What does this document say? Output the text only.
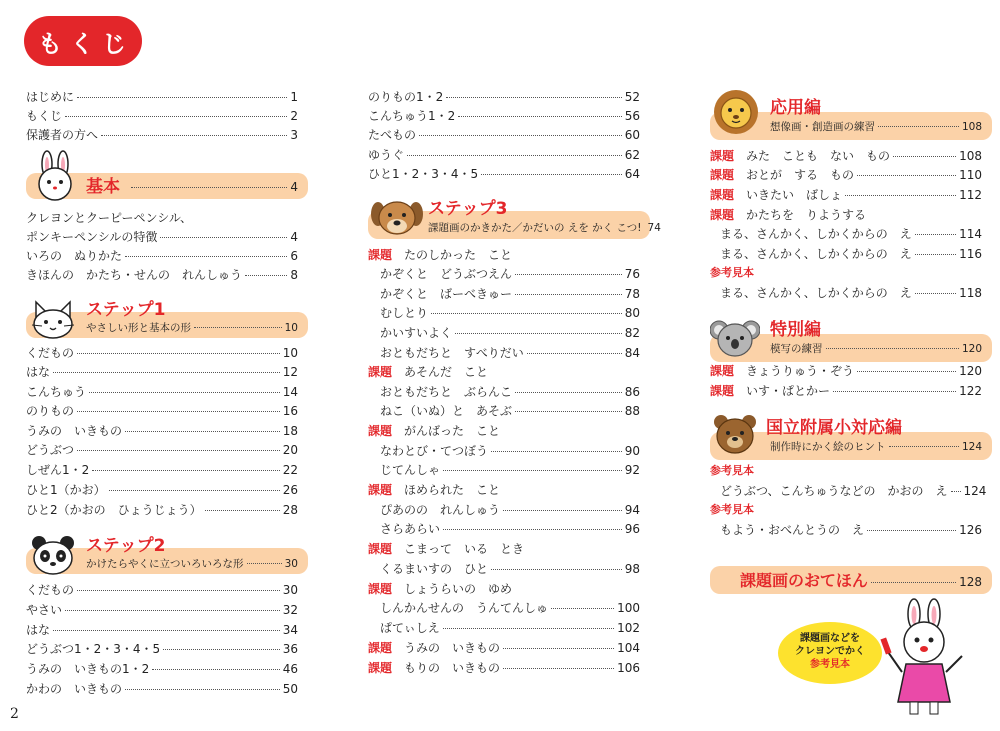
もくじ
はじめに	1
もくじ	2
保護者の方へ	3
基本	4
クレヨンとクーピーペンシル、
ポンキーペンシルの特徴	4
いろの　ぬりかた	6
きほんの　かたち・せんの　れんしゅう	8
ステップ1
やさしい形と基本の形	10
くだもの	10
はな	12
こんちゅう	14
のりもの	16
うみの　いきもの	18
どうぶつ	20
しぜん1・2	22
ひと1（かお）	26
ひと2（かおの　ひょうじょう）	28
ステップ2
かけたらやくに立ついろいろな形	30
くだもの	30
やさい	32
はな	34
どうぶつ1・2・3・4・5	36
うみの　いきもの1・2	46
かわの　いきもの	50
のりもの1・2	52
こんちゅう1・2	56
たべもの	60
ゆうぐ	62
ひと1・2・3・4・5	64
ステップ3
課題画のかきかた／かだいの えを かく こつ! 74
課題 たのしかった　こと
かぞくと　どうぶつえん	76
かぞくと　ばーべきゅー	78
むしとり	80
かいすいよく	82
おともだちと　すべりだい	84
課題 あそんだ　こと
おともだちと　ぶらんこ	86
ねこ（いぬ）と　あそぶ	88
課題 がんばった　こと
なわとび・てつぼう	90
じてんしゃ	92
課題 ほめられた　こと
ぴあのの　れんしゅう	94
さらあらい	96
課題 こまって　いる　とき
くるまいすの　ひと	98
課題 しょうらいの　ゆめ
しんかんせんの　うんてんしゅ	100
ぱてぃしえ	102
課題 うみの　いきもの	104
課題 もりの　いきもの	106
応用編
想像画・創造画の練習	108
課題 みた　ことも　ない　もの	108
課題 おとが　する　もの	110
課題 いきたい　ばしょ	112
課題 かたちを　りようする
まる、さんかく、しかくからの　え	114
まる、さんかく、しかくからの　え	116
参考見本
まる、さんかく、しかくからの　え	118
特別編
模写の練習	120
課題 きょうりゅう・ぞう	120
課題 いす・ぱとかー	122
国立附属小対応編
制作時にかく絵のヒント	124
参考見本
どうぶつ、こんちゅうなどの　かおの　え 124
参考見本
もよう・おべんとうの　え	126
課題画のおてほん	128
課題画などを
クレヨンでかく
参考見本
2
